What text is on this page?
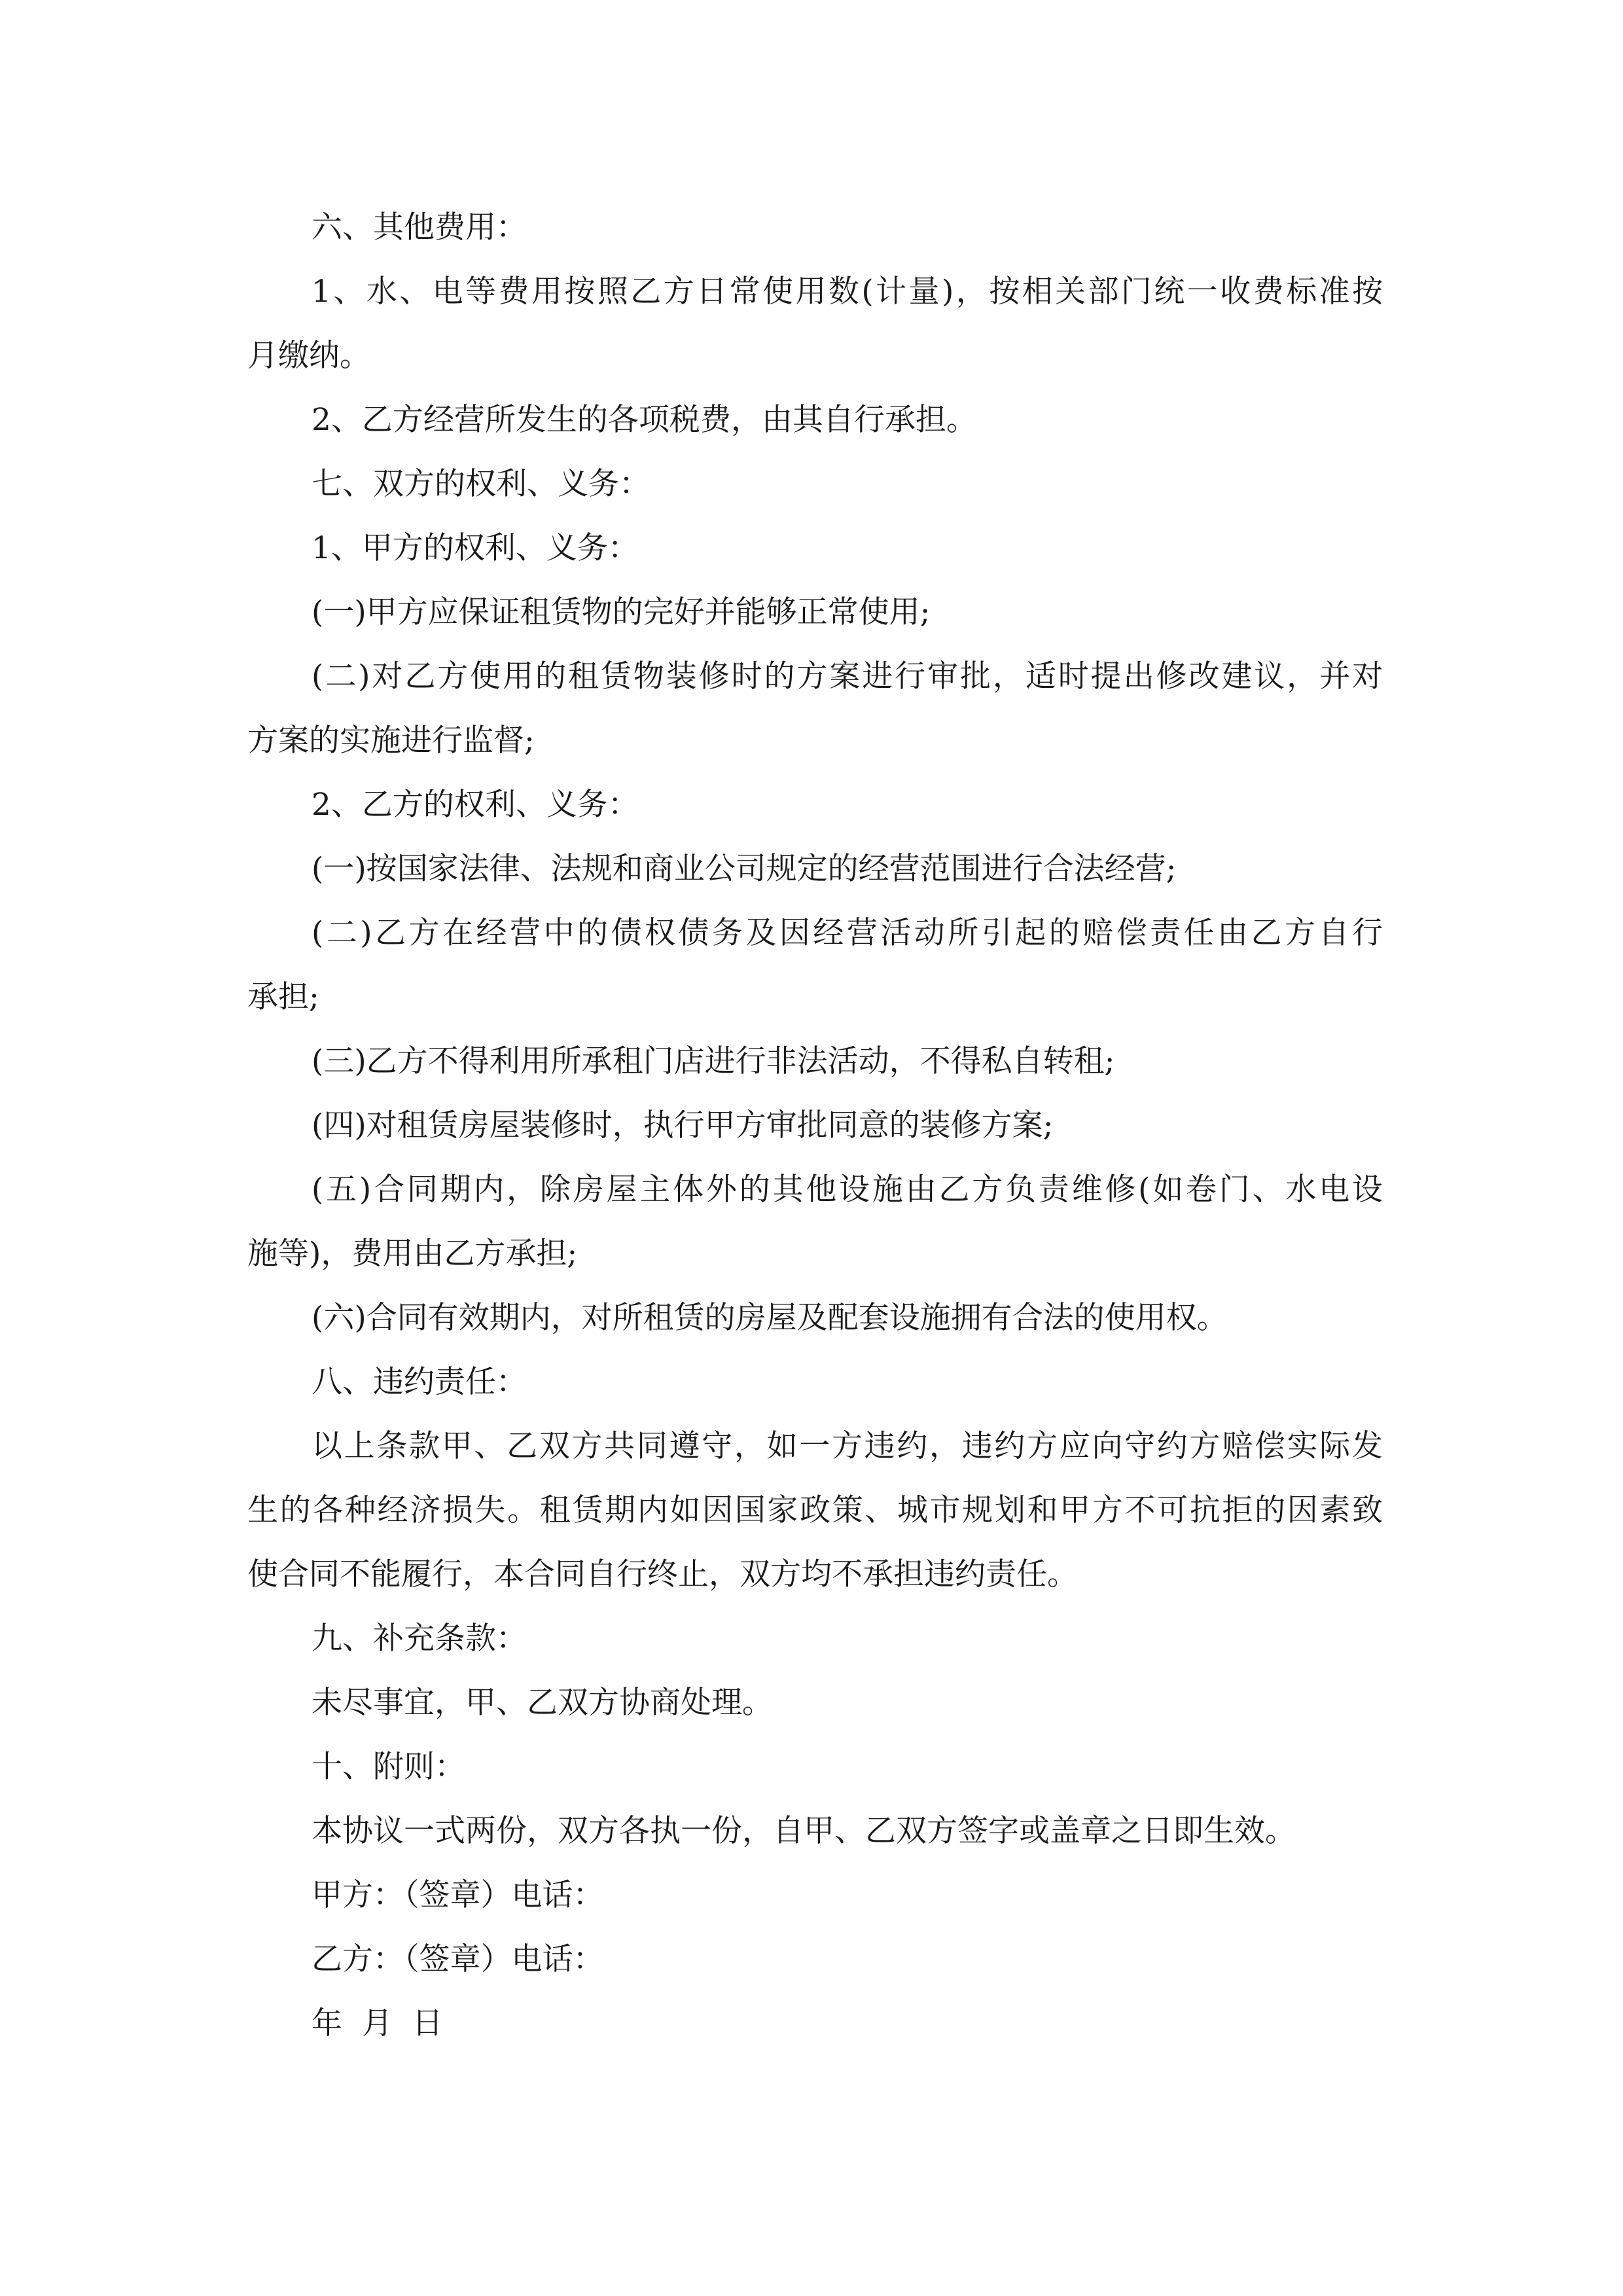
六、其他费用：
1、水、电等费用按照乙方日常使用数(计量)，按相关部门统一收费标准按
月缴纳。
2、乙方经营所发生的各项税费，由其自行承担。
七、双方的权利、义务：
1、甲方的权利、义务：
(一)甲方应保证租赁物的完好并能够正常使用;
(二)对乙方使用的租赁物装修时的方案进行审批，适时提出修改建议，并对
方案的实施进行监督;
2、乙方的权利、义务：
(一)按国家法律、法规和商业公司规定的经营范围进行合法经营;
(二)乙方在经营中的债权债务及因经营活动所引起的赔偿责任由乙方自行
承担;
(三)乙方不得利用所承租门店进行非法活动，不得私自转租;
(四)对租赁房屋装修时，执行甲方审批同意的装修方案;
(五)合同期内，除房屋主体外的其他设施由乙方负责维修(如卷门、水电设
施等)，费用由乙方承担;
(六)合同有效期内，对所租赁的房屋及配套设施拥有合法的使用权。
八、违约责任：
以上条款甲、乙双方共同遵守，如一方违约，违约方应向守约方赔偿实际发
生的各种经济损失。租赁期内如因国家政策、城市规划和甲方不可抗拒的因素致
使合同不能履行，本合同自行终止，双方均不承担违约责任。
九、补充条款：
未尽事宜，甲、乙双方协商处理。
十、附则：
本协议一式两份，双方各执一份，自甲、乙双方签字或盖章之日即生效。
甲方：（签章）电话：
乙方：（签章）电话：
年  月  日
